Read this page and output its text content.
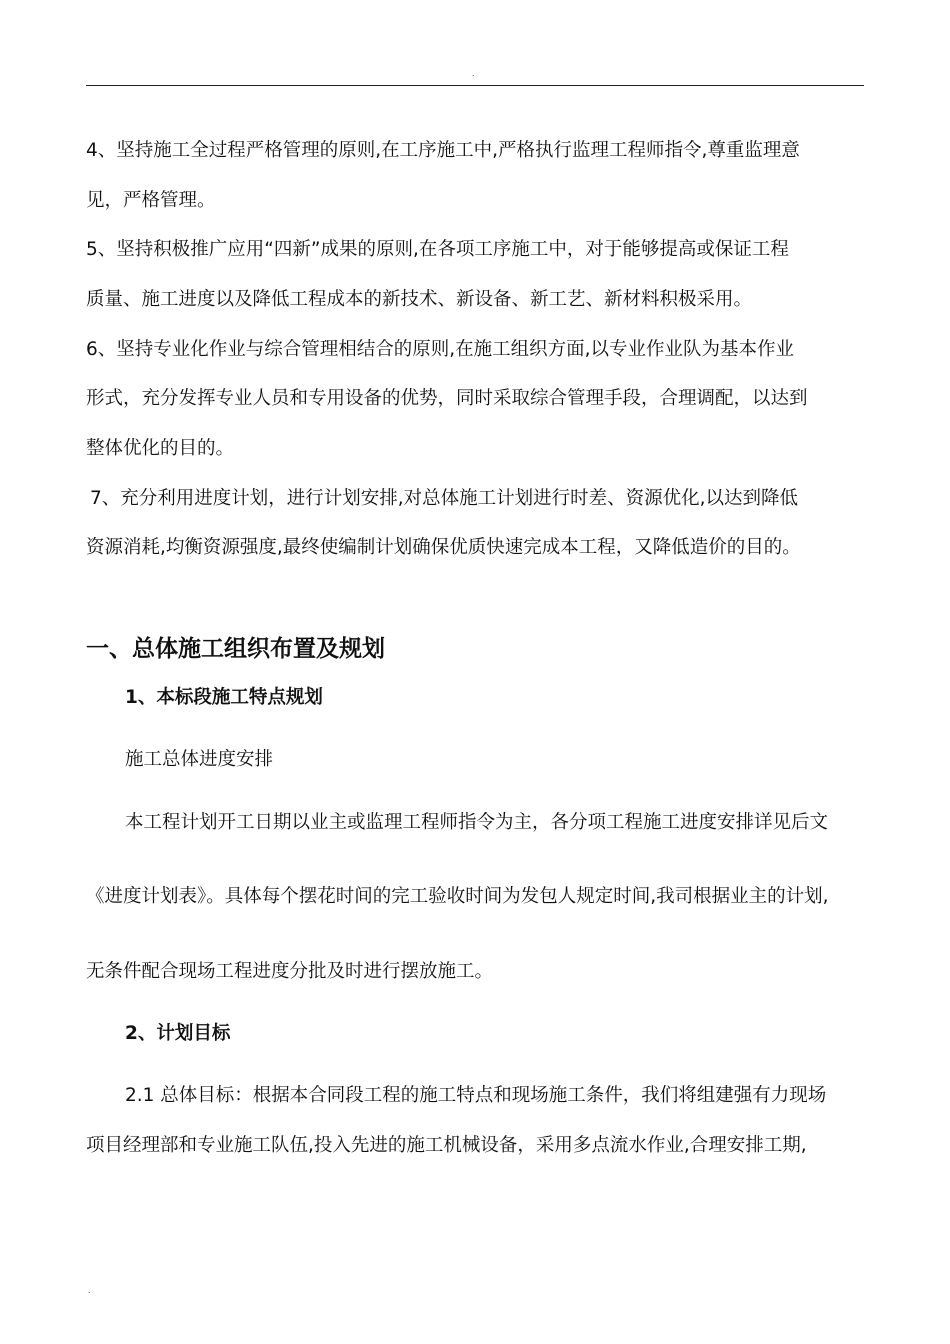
.
4、坚持施工全过程严格管理的原则,在工序施工中,严格执行监理工程师指令,尊重监理意
见，严格管理。
5、坚持积极推广应用“四新”成果的原则,在各项工序施工中，对于能够提高或保证工程
质量、施工进度以及降低工程成本的新技术、新设备、新工艺、新材料积极采用。
6、坚持专业化作业与综合管理相结合的原则,在施工组织方面,以专业作业队为基本作业
形式，充分发挥专业人员和专用设备的优势，同时采取综合管理手段，合理调配，以达到
整体优化的目的。
7、充分利用进度计划，进行计划安排,对总体施工计划进行时差、资源优化,以达到降低
资源消耗,均衡资源强度,最终使编制计划确保优质快速完成本工程，又降低造价的目的。
一、总体施工组织布置及规划
1、本标段施工特点规划
施工总体进度安排
本工程计划开工日期以业主或监理工程师指令为主，各分项工程施工进度安排详见后文
《进度计划表》。具体每个摆花时间的完工验收时间为发包人规定时间,我司根据业主的计划,
无条件配合现场工程进度分批及时进行摆放施工。
2、计划目标
2.1 总体目标：根据本合同段工程的施工特点和现场施工条件，我们将组建强有力现场
项目经理部和专业施工队伍,投入先进的施工机械设备，采用多点流水作业,合理安排工期,
.
